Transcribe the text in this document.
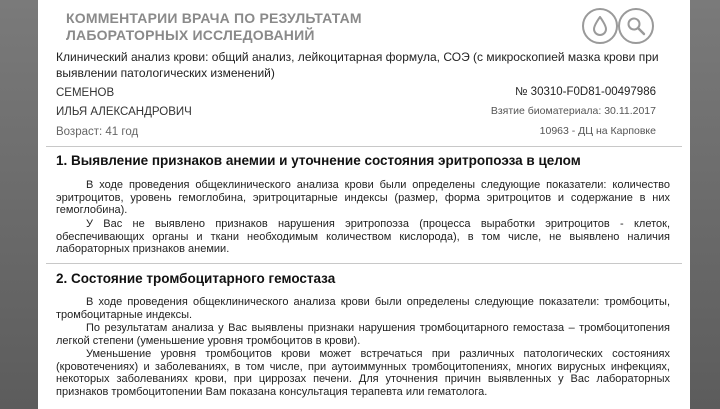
КОММЕНТАРИИ ВРАЧА ПО РЕЗУЛЬТАТАМ
ЛАБОРАТОРНЫХ ИССЛЕДОВАНИЙ
Клинический анализ крови: общий анализ, лейкоцитарная формула, СОЭ (с микроскопией мазка крови при выявлении патологических изменений)
СЕМЕНОВ
ИЛЬЯ АЛЕКСАНДРОВИЧ
Возраст: 41 год
№ 30310-F0D81-00497986
Взятие биоматериала: 30.11.2017
10963 - ДЦ на Карповке
1. Выявление признаков анемии и уточнение состояния эритропоэза в целом
В ходе проведения общеклинического анализа крови были определены следующие показатели: количество эритроцитов, уровень гемоглобина, эритроцитарные индексы (размер, форма эритроцитов и содержание в них гемоглобина).
У Вас не выявлено признаков нарушения эритропоэза (процесса выработки эритроцитов - клеток, обеспечивающих органы и ткани необходимым количеством кислорода), в том числе, не выявлено наличия лабораторных признаков анемии.
2. Состояние тромбоцитарного гемостаза
В ходе проведения общеклинического анализа крови были определены следующие показатели: тромбоциты, тромбоцитарные индексы.
По результатам анализа у Вас выявлены признаки нарушения тромбоцитарного гемостаза – тромбоцитопения легкой степени (уменьшение уровня тромбоцитов в крови).
Уменьшение уровня тромбоцитов крови может встречаться при различных патологических состояниях (кровотечениях) и заболеваниях, в том числе, при аутоиммунных тромбоцитопениях, многих вирусных инфекциях, некоторых заболеваниях крови, при циррозах печени. Для уточнения причин выявленных у Вас лабораторных признаков тромбоцитопении Вам показана консультация терапевта или гематолога.
